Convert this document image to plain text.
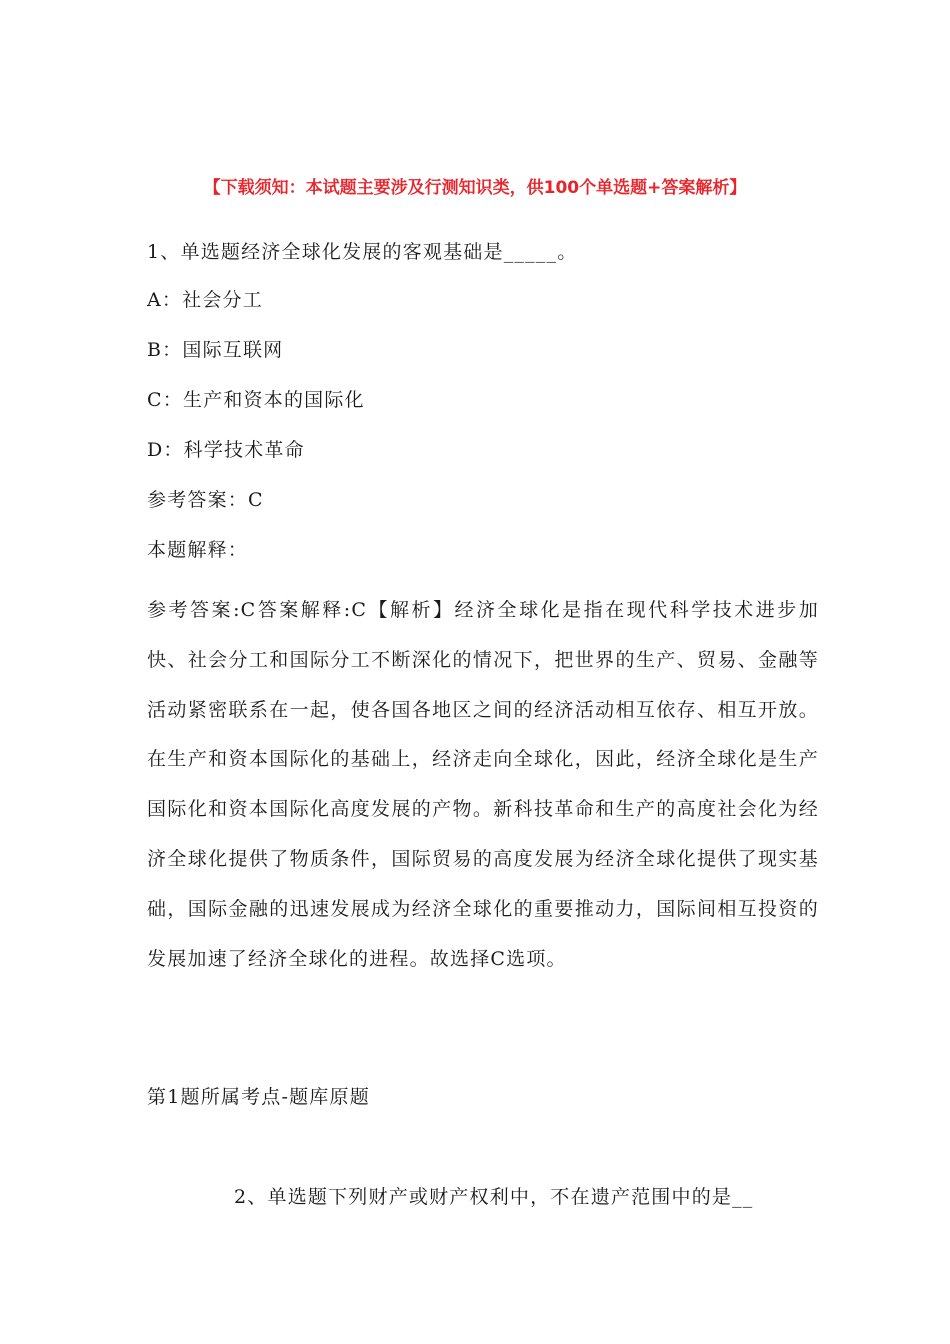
【下载须知：本试题主要涉及行测知识类，供100个单选题+答案解析】
1、单选题经济全球化发展的客观基础是_____。
A：社会分工
B：国际互联网
C：生产和资本的国际化
D：科学技术革命
参考答案：C
本题解释：

参考答案:C答案解释:C【解析】经济全球化是指在现代科学技术进步加快、社会分工和国际分工不断深化的情况下，把世界的生产、贸易、金融等活动紧密联系在一起，使各国各地区之间的经济活动相互依存、相互开放。在生产和资本国际化的基础上，经济走向全球化，因此，经济全球化是生产国际化和资本国际化高度发展的产物。新科技革命和生产的高度社会化为经济全球化提供了物质条件，国际贸易的高度发展为经济全球化提供了现实基础，国际金融的迅速发展成为经济全球化的重要推动力，国际间相互投资的发展加速了经济全球化的进程。故选择C选项。

第1题所属考点-题库原题
2、单选题下列财产或财产权利中，不在遗产范围中的是__
